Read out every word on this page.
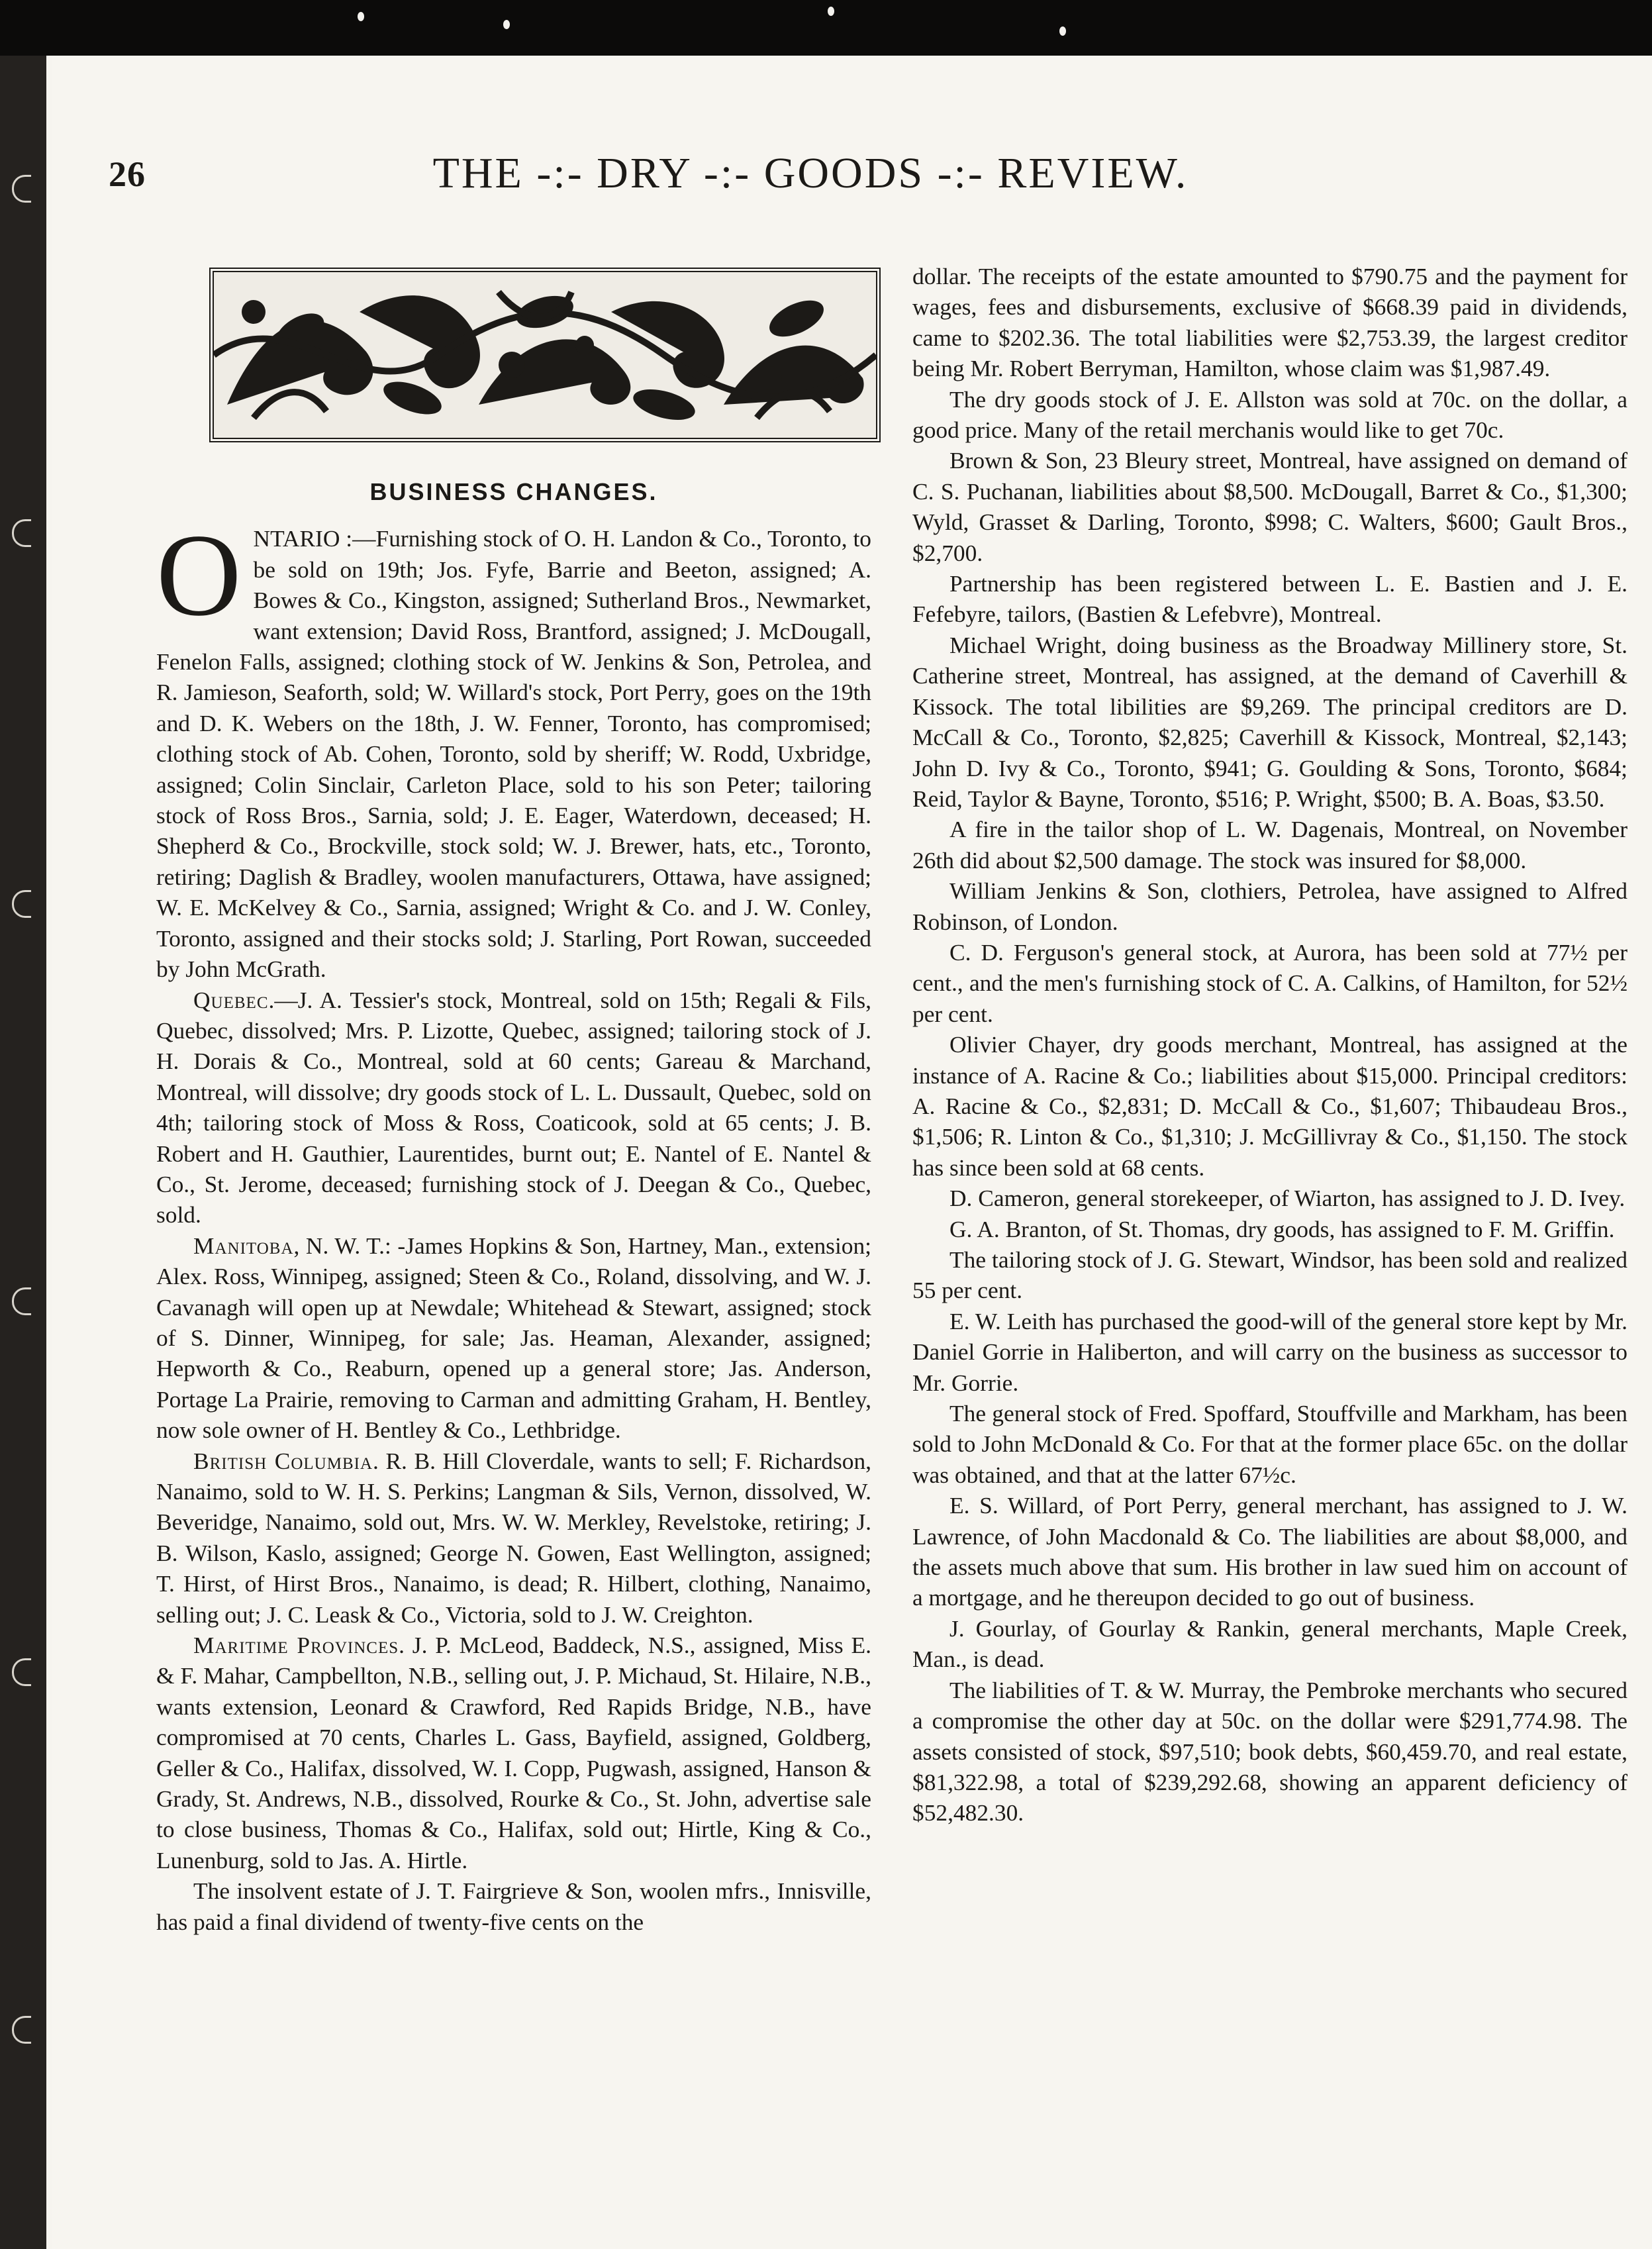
26	THE -:- DRY -:- GOODS -:- REVIEW.
BUSINESS CHANGES.

ONTARIO :—Furnishing stock of O. H. Landon & Co., Toronto, to be sold on 19th; Jos. Fyfe, Barrie and Beeton, assigned; A. Bowes & Co., Kingston, assigned; Sutherland Bros., Newmarket, want extension; David Ross, Brantford, assigned; J. McDougall, Fenelon Falls, assigned; clothing stock of W. Jenkins & Son, Petrolea, and R. Jamieson, Seaforth, sold; W. Willard's stock, Port Perry, goes on the 19th and D. K. Webers on the 18th, J. W. Fenner, Toronto, has compromised; clothing stock of Ab. Cohen, Toronto, sold by sheriff; W. Rodd, Uxbridge, assigned; Colin Sinclair, Carleton Place, sold to his son Peter; tailoring stock of Ross Bros., Sarnia, sold; J. E. Eager, Waterdown, deceased; H. Shepherd & Co., Brockville, stock sold; W. J. Brewer, hats, etc., Toronto, retiring; Daglish & Bradley, woolen manufacturers, Ottawa, have assigned; W. E. McKelvey & Co., Sarnia, assigned; Wright & Co. and J. W. Conley, Toronto, assigned and their stocks sold; J. Starling, Port Rowan, succeeded by John McGrath.

Quebec.—J. A. Tessier's stock, Montreal, sold on 15th; Regali & Fils, Quebec, dissolved; Mrs. P. Lizotte, Quebec, assigned; tailoring stock of J. H. Dorais & Co., Montreal, sold at 60 cents; Gareau & Marchand, Montreal, will dissolve; dry goods stock of L. L. Dussault, Quebec, sold on 4th; tailoring stock of Moss & Ross, Coaticook, sold at 65 cents; J. B. Robert and H. Gauthier, Laurentides, burnt out; E. Nantel of E. Nantel & Co., St. Jerome, deceased; furnishing stock of J. Deegan & Co., Quebec, sold.

Manitoba, N. W. T.: -James Hopkins & Son, Hartney, Man., extension; Alex. Ross, Winnipeg, assigned; Steen & Co., Roland, dissolving, and W. J. Cavanagh will open up at Newdale; Whitehead & Stewart, assigned; stock of S. Dinner, Winnipeg, for sale; Jas. Heaman, Alexander, assigned; Hepworth & Co., Reaburn, opened up a general store; Jas. Anderson, Portage La Prairie, removing to Carman and admitting Graham, H. Bentley, now sole owner of H. Bentley & Co., Lethbridge.

British Columbia. R. B. Hill Cloverdale, wants to sell; F. Richardson, Nanaimo, sold to W. H. S. Perkins; Langman & Sils, Vernon, dissolved, W. Beveridge, Nanaimo, sold out, Mrs. W. W. Merkley, Revelstoke, retiring; J. B. Wilson, Kaslo, assigned; George N. Gowen, East Wellington, assigned; T. Hirst, of Hirst Bros., Nanaimo, is dead; R. Hilbert, clothing, Nanaimo, selling out; J. C. Leask & Co., Victoria, sold to J. W. Creighton.

Maritime Provinces. J. P. McLeod, Baddeck, N.S., assigned, Miss E. & F. Mahar, Campbellton, N.B., selling out, J. P. Michaud, St. Hilaire, N.B., wants extension, Leonard & Crawford, Red Rapids Bridge, N.B., have compromised at 70 cents, Charles L. Gass, Bayfield, assigned, Goldberg, Geller & Co., Halifax, dissolved, W. I. Copp, Pugwash, assigned, Hanson & Grady, St. Andrews, N.B., dissolved, Rourke & Co., St. John, advertise sale to close business, Thomas & Co., Halifax, sold out; Hirtle, King & Co., Lunenburg, sold to Jas. A. Hirtle.

The insolvent estate of J. T. Fairgrieve & Son, woolen mfrs., Innisville, has paid a final dividend of twenty-five cents on the

dollar. The receipts of the estate amounted to $790.75 and the payment for wages, fees and disbursements, exclusive of $668.39 paid in dividends, came to $202.36. The total liabilities were $2,753.39, the largest creditor being Mr. Robert Berryman, Hamilton, whose claim was $1,987.49.

The dry goods stock of J. E. Allston was sold at 70c. on the dollar, a good price. Many of the retail merchanis would like to get 70c.

Brown & Son, 23 Bleury street, Montreal, have assigned on demand of C. S. Puchanan, liabilities about $8,500. McDougall, Barret & Co., $1,300; Wyld, Grasset & Darling, Toronto, $998; C. Walters, $600; Gault Bros., $2,700.

Partnership has been registered between L. E. Bastien and J. E. Fefebyre, tailors, (Bastien & Lefebvre), Montreal.

Michael Wright, doing business as the Broadway Millinery store, St. Catherine street, Montreal, has assigned, at the demand of Caverhill & Kissock. The total libilities are $9,269. The principal creditors are D. McCall & Co., Toronto, $2,825; Caverhill & Kissock, Montreal, $2,143; John D. Ivy & Co., Toronto, $941; G. Goulding & Sons, Toronto, $684; Reid, Taylor & Bayne, Toronto, $516; P. Wright, $500; B. A. Boas, $3.50.

A fire in the tailor shop of L. W. Dagenais, Montreal, on November 26th did about $2,500 damage. The stock was insured for $8,000.

William Jenkins & Son, clothiers, Petrolea, have assigned to Alfred Robinson, of London.

C. D. Ferguson's general stock, at Aurora, has been sold at 77½ per cent., and the men's furnishing stock of C. A. Calkins, of Hamilton, for 52½ per cent.

Olivier Chayer, dry goods merchant, Montreal, has assigned at the instance of A. Racine & Co.; liabilities about $15,000. Principal creditors: A. Racine & Co., $2,831; D. McCall & Co., $1,607; Thibaudeau Bros., $1,506; R. Linton & Co., $1,310; J. McGillivray & Co., $1,150. The stock has since been sold at 68 cents.

D. Cameron, general storekeeper, of Wiarton, has assigned to J. D. Ivey.

G. A. Branton, of St. Thomas, dry goods, has assigned to F. M. Griffin.

The tailoring stock of J. G. Stewart, Windsor, has been sold and realized 55 per cent.

E. W. Leith has purchased the good-will of the general store kept by Mr. Daniel Gorrie in Haliberton, and will carry on the business as successor to Mr. Gorrie.

The general stock of Fred. Spoffard, Stouffville and Markham, has been sold to John McDonald & Co. For that at the former place 65c. on the dollar was obtained, and that at the latter 67½c.

E. S. Willard, of Port Perry, general merchant, has assigned to J. W. Lawrence, of John Macdonald & Co. The liabilities are about $8,000, and the assets much above that sum. His brother in law sued him on account of a mortgage, and he thereupon decided to go out of business.

J. Gourlay, of Gourlay & Rankin, general merchants, Maple Creek, Man., is dead.

The liabilities of T. & W. Murray, the Pembroke merchants who secured a compromise the other day at 50c. on the dollar were $291,774.98. The assets consisted of stock, $97,510; book debts, $60,459.70, and real estate, $81,322.98, a total of $239,292.68, showing an apparent deficiency of $52,482.30.
